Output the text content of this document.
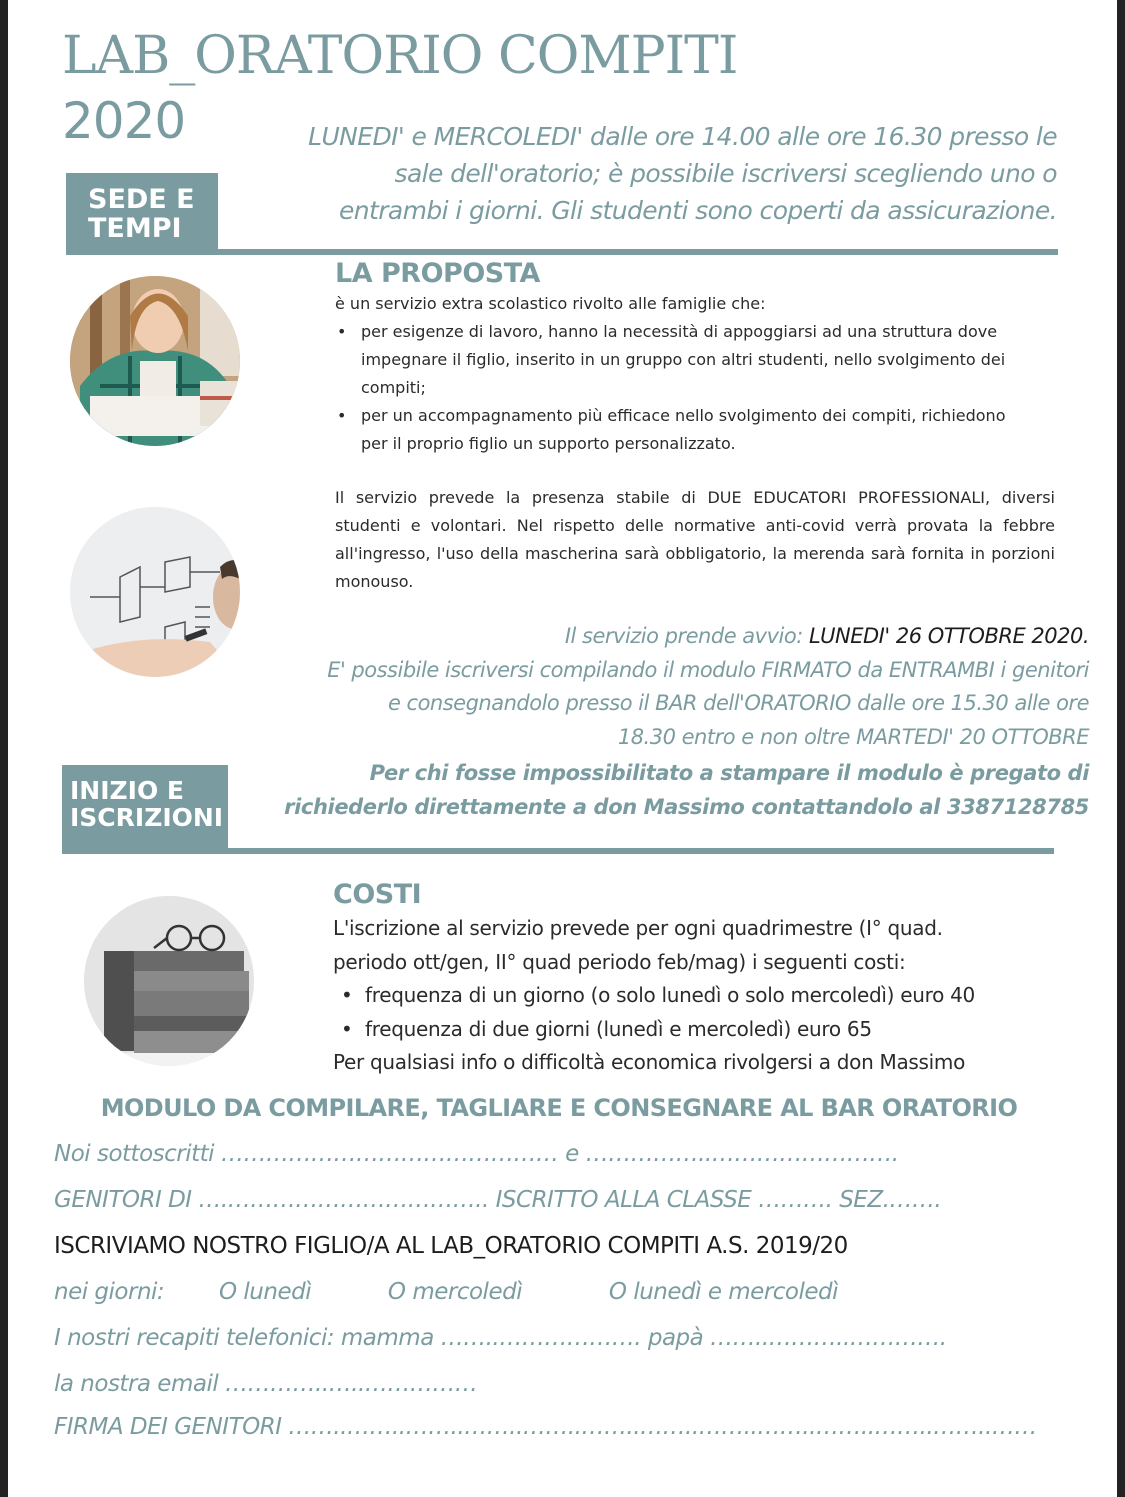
LAB_ORATORIO COMPITI
2020
SEDE E
TEMPI
LUNEDI' e MERCOLEDI' dalle ore 14.00 alle ore 16.30 presso le
sale dell'oratorio; è possibile iscriversi scegliendo uno o
entrambi i giorni. Gli studenti sono coperti da assicurazione.
LA PROPOSTA
è un servizio extra scolastico rivolto alle famiglie che:
• per esigenze di lavoro, hanno la necessità di appoggiarsi ad una struttura dove impegnare il figlio, inserito in un gruppo con altri studenti, nello svolgimento dei compiti;
• per un accompagnamento più efficace nello svolgimento dei compiti, richiedono per il proprio figlio un supporto personalizzato.
Il servizio prevede la presenza stabile di DUE EDUCATORI PROFESSIONALI, diversi studenti e volontari. Nel rispetto delle normative anti-covid verrà provata la febbre all'ingresso, l'uso della mascherina sarà obbligatorio, la merenda sarà fornita in porzioni monouso.
Il servizio prende avvio: LUNEDI' 26 OTTOBRE 2020.
E' possibile iscriversi compilando il modulo FIRMATO da ENTRAMBI i genitori
e consegnandolo presso il BAR dell'ORATORIO dalle ore 15.30 alle ore
18.30 entro e non oltre MARTEDI' 20 OTTOBRE
Per chi fosse impossibilitato a stampare il modulo è pregato di
richiederlo direttamente a don Massimo contattandolo al 3387128785
INIZIO E
ISCRIZIONI
COSTI
L'iscrizione al servizio prevede per ogni quadrimestre (I° quad.
periodo ott/gen, II° quad periodo feb/mag) i seguenti costi:
• frequenza di un giorno (o solo lunedì o solo mercoledì) euro 40
• frequenza di due giorni (lunedì e mercoledì) euro 65
Per qualsiasi info o difficoltà economica rivolgersi a don Massimo
MODULO DA COMPILARE, TAGLIARE E CONSEGNARE AL BAR ORATORIO
Noi sottoscritti ……………………………………… e ……………..…………………….
GENITORI DI ….…………………………….. ISCRITTO ALLA CLASSE ………. SEZ.…….
ISCRIVIAMO NOSTRO FIGLIO/A AL LAB_ORATORIO COMPITI A.S. 2019/20
nei giorni: O lunedì	O mercoledì	O lunedì e mercoledì
I nostri recapiti telefonici: mamma ……..………………. papà ……..………..………….
la nostra email …………..…..……………
FIRMA DEI GENITORI ……..……..……..……..……..……..……..……..……..……..……..……..……
